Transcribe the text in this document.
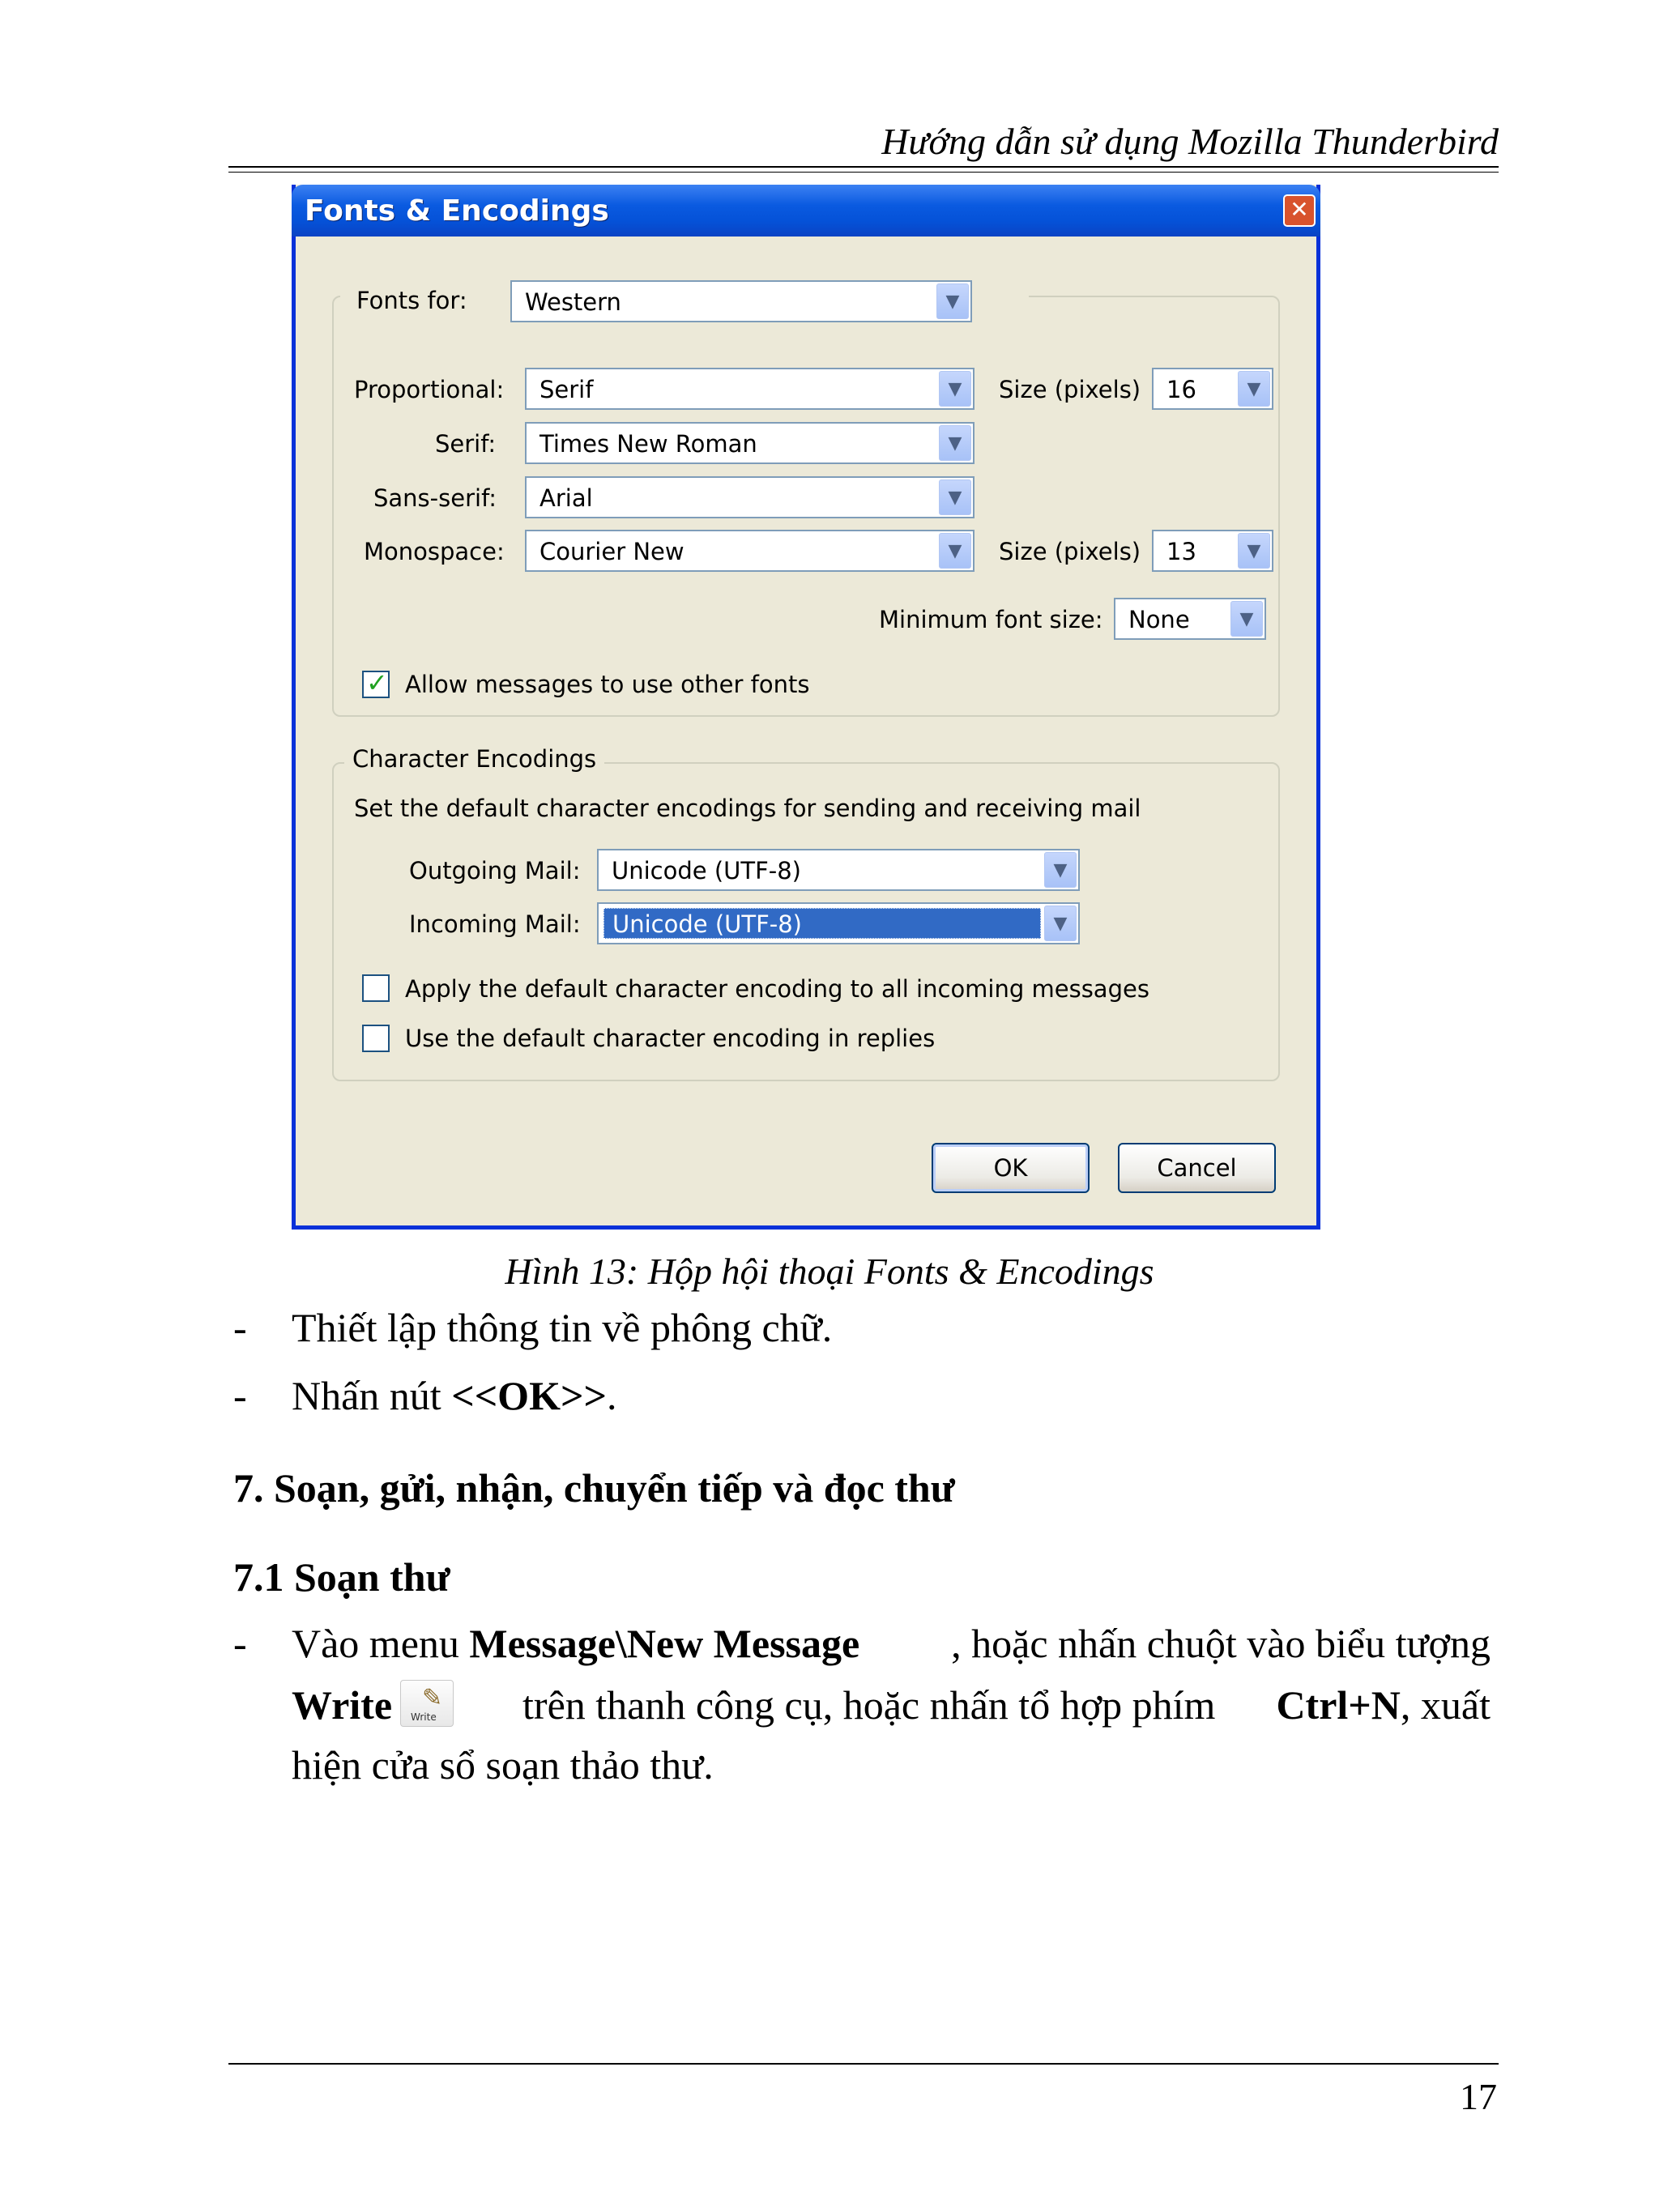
Hướng dẫn sử dụng Mozilla Thunderbird
Fonts & Encodings	✕
Fonts for: Western	▼
Proportional: Serif	▼	Size (pixels) 16	▼
Serif: Times New Roman	▼
Sans-serif: Arial	▼
Monospace: Courier New	▼	Size (pixels) 13	▼
Minimum font size: None	▼
✓ Allow messages to use other fonts
Character Encodings
Set the default character encodings for sending and receiving mail
Outgoing Mail: Unicode (UTF-8)	▼
Incoming Mail:	Unicode (UTF-8)	▼
Apply the default character encoding to all incoming messages
Use the default character encoding in replies
OK	Cancel
Hình 13: Hộp hội thoại Fonts & Encodings
- Thiết lập thông tin về phông chữ.
- Nhấn nút <<OK>>.
7. Soạn, gửi, nhận, chuyển tiếp và đọc thư
7.1 Soạn thư
- Vào menu Message\New Message , hoặc nhấn chuột vào biểu tượng
Write ✎
Write trên thanh công cụ, hoặc nhấn tổ hợp phím Ctrl+N, xuất
hiện cửa sổ soạn thảo thư.
17
